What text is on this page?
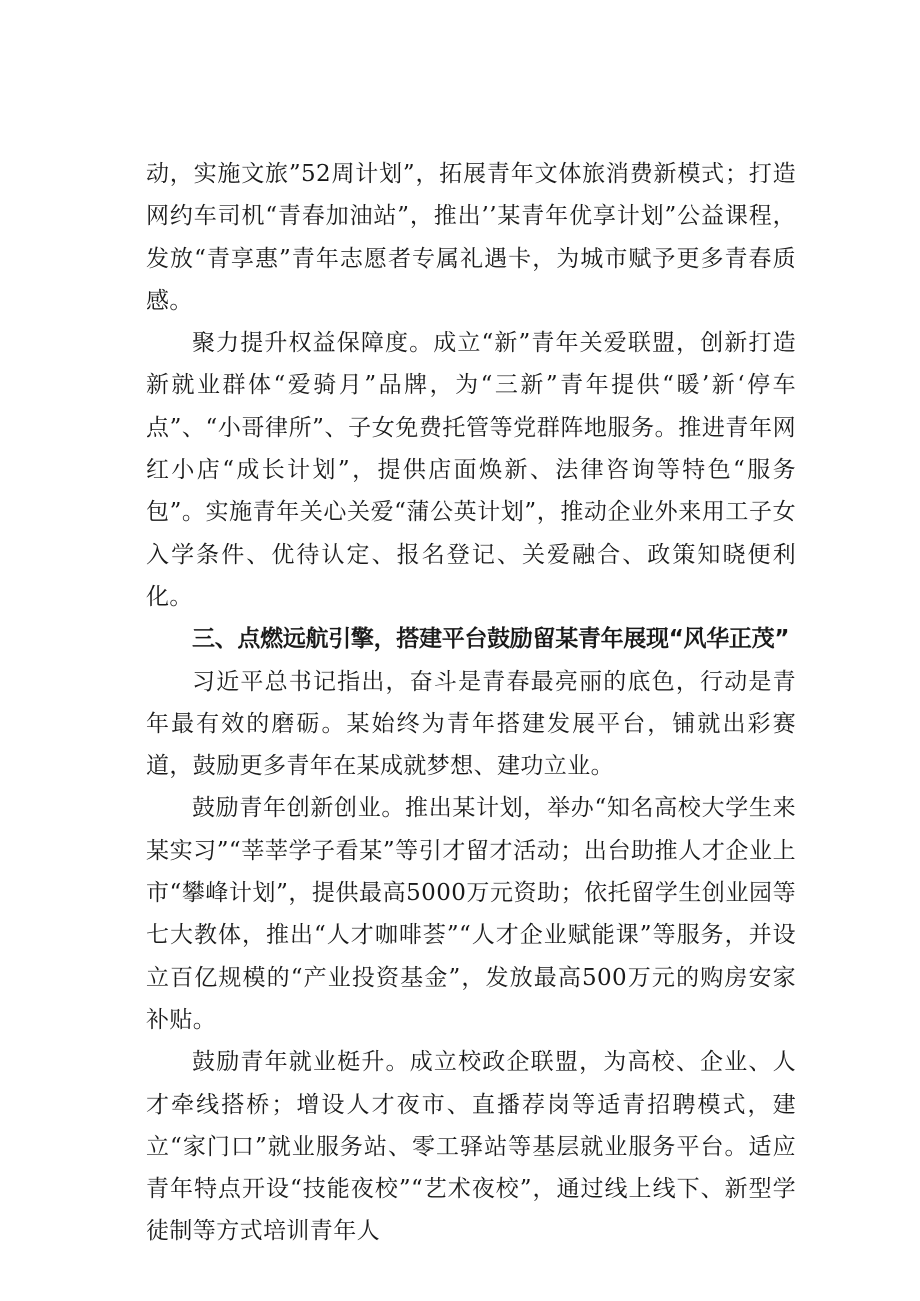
动，实施文旅”52周计划”，拓展青年文体旅消费新模式；打造网约车司机“青春加油站”，推出’’某青年优享计划”公益课程，发放“青享惠”青年志愿者专属礼遇卡，为城市赋予更多青春质感。

聚力提升权益保障度。成立“新”青年关爱联盟，创新打造新就业群体“爱骑月”品牌，为“三新”青年提供“暖’新‘停车点”、“小哥律所”、子女免费托管等党群阵地服务。推进青年网红小店“成长计划”，提供店面焕新、法律咨询等特色“服务包”。实施青年关心关爱“蒲公英计划”，推动企业外来用工子女入学条件、优待认定、报名登记、关爱融合、政策知晓便利化。

三、点燃远航引擎，搭建平台鼓励留某青年展现“风华正茂”

习近平总书记指出，奋斗是青春最亮丽的底色，行动是青年最有效的磨砺。某始终为青年搭建发展平台，铺就出彩赛道，鼓励更多青年在某成就梦想、建功立业。

鼓励青年创新创业。推出某计划，举办“知名高校大学生来某实习”“莘莘学子看某”等引才留才活动；出台助推人才企业上市“攀峰计划”，提供最高5000万元资助；依托留学生创业园等七大教体，推出“人才咖啡荟”“人才企业赋能课”等服务，并设立百亿规模的“产业投资基金”，发放最高500万元的购房安家补贴。

鼓励青年就业梃升。成立校政企联盟，为高校、企业、人才牵线搭桥；增设人才夜市、直播荐岗等适青招聘模式，建立“家门口”就业服务站、零工驿站等基层就业服务平台。适应青年特点开设“技能夜校”“艺术夜校”，通过线上线下、新型学徒制等方式培训青年人
